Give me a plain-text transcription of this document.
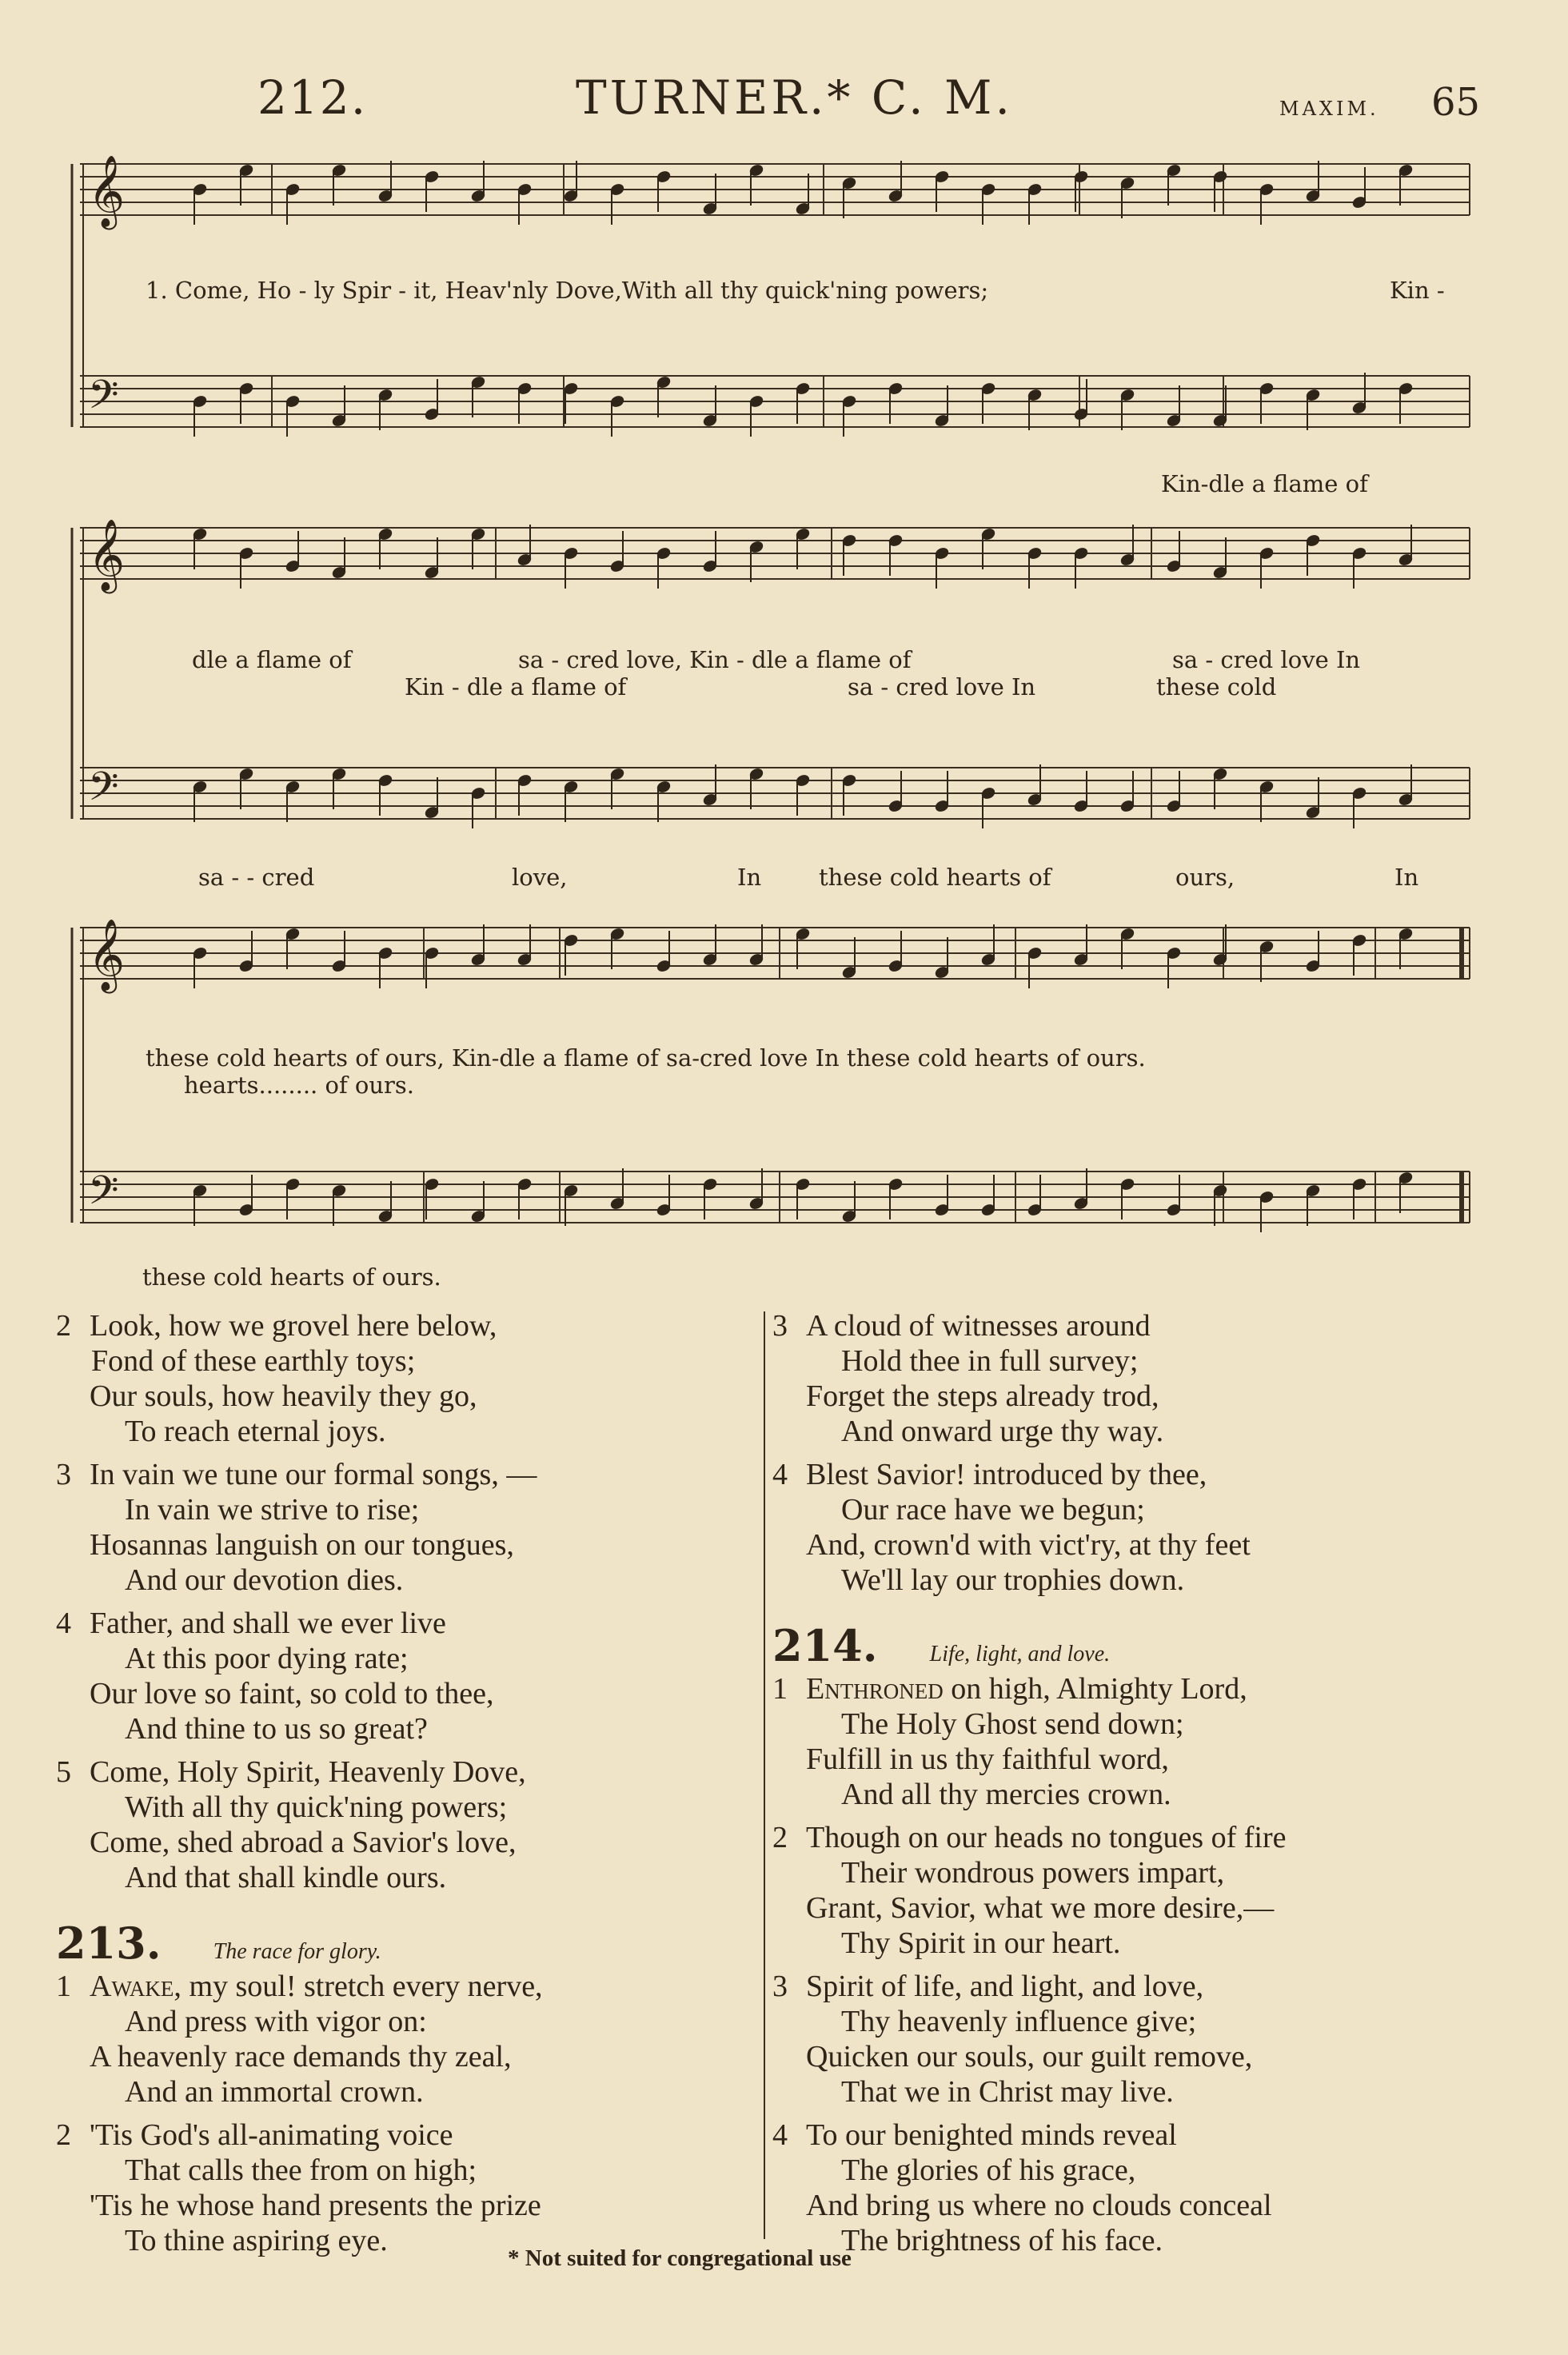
212.	TURNER.* C. M.	MAXIM. 65
𝄞
𝄢
𝄞
𝄢
𝄞
𝄢
1. Come, Ho - ly Spir - it, Heav'nly Dove,With all thy quick'ning powers;	Kin -
Kin-dle a flame of
dle a flame of	sa - cred love, Kin - dle a flame of	sa - cred love In
Kin - dle a flame of	sa - cred love In	these cold
sa - - cred	love,	In these cold hearts of	ours,	In
these cold hearts of ours, Kin-dle a flame of sa-cred love In these cold hearts of ours.
hearts........ of ours.
these cold hearts of ours.
2 Look, how we grovel here below,
Fond of these earthly toys;
Our souls, how heavily they go,
To reach eternal joys.
3 In vain we tune our formal songs, —
In vain we strive to rise;
Hosannas languish on our tongues,
And our devotion dies.
4 Father, and shall we ever live
At this poor dying rate;
Our love so faint, so cold to thee,
And thine to us so great?
5 Come, Holy Spirit, Heavenly Dove,
With all thy quick'ning powers;
Come, shed abroad a Savior's love,
And that shall kindle ours.
213. The race for glory.
1 Awake, my soul! stretch every nerve,
And press with vigor on:
A heavenly race demands thy zeal,
And an immortal crown.
2 'Tis God's all-animating voice
That calls thee from on high;
'Tis he whose hand presents the prize
To thine aspiring eye.
3 A cloud of witnesses around
Hold thee in full survey;
Forget the steps already trod,
And onward urge thy way.
4 Blest Savior! introduced by thee,
Our race have we begun;
And, crown'd with vict'ry, at thy feet
We'll lay our trophies down.
214. Life, light, and love.
1 Enthroned on high, Almighty Lord,
The Holy Ghost send down;
Fulfill in us thy faithful word,
And all thy mercies crown.
2 Though on our heads no tongues of fire
Their wondrous powers impart,
Grant, Savior, what we more desire,—
Thy Spirit in our heart.
3 Spirit of life, and light, and love,
Thy heavenly influence give;
Quicken our souls, our guilt remove,
That we in Christ may live.
4 To our benighted minds reveal
The glories of his grace,
And bring us where no clouds conceal
The brightness of his face.
* Not suited for congregational use
